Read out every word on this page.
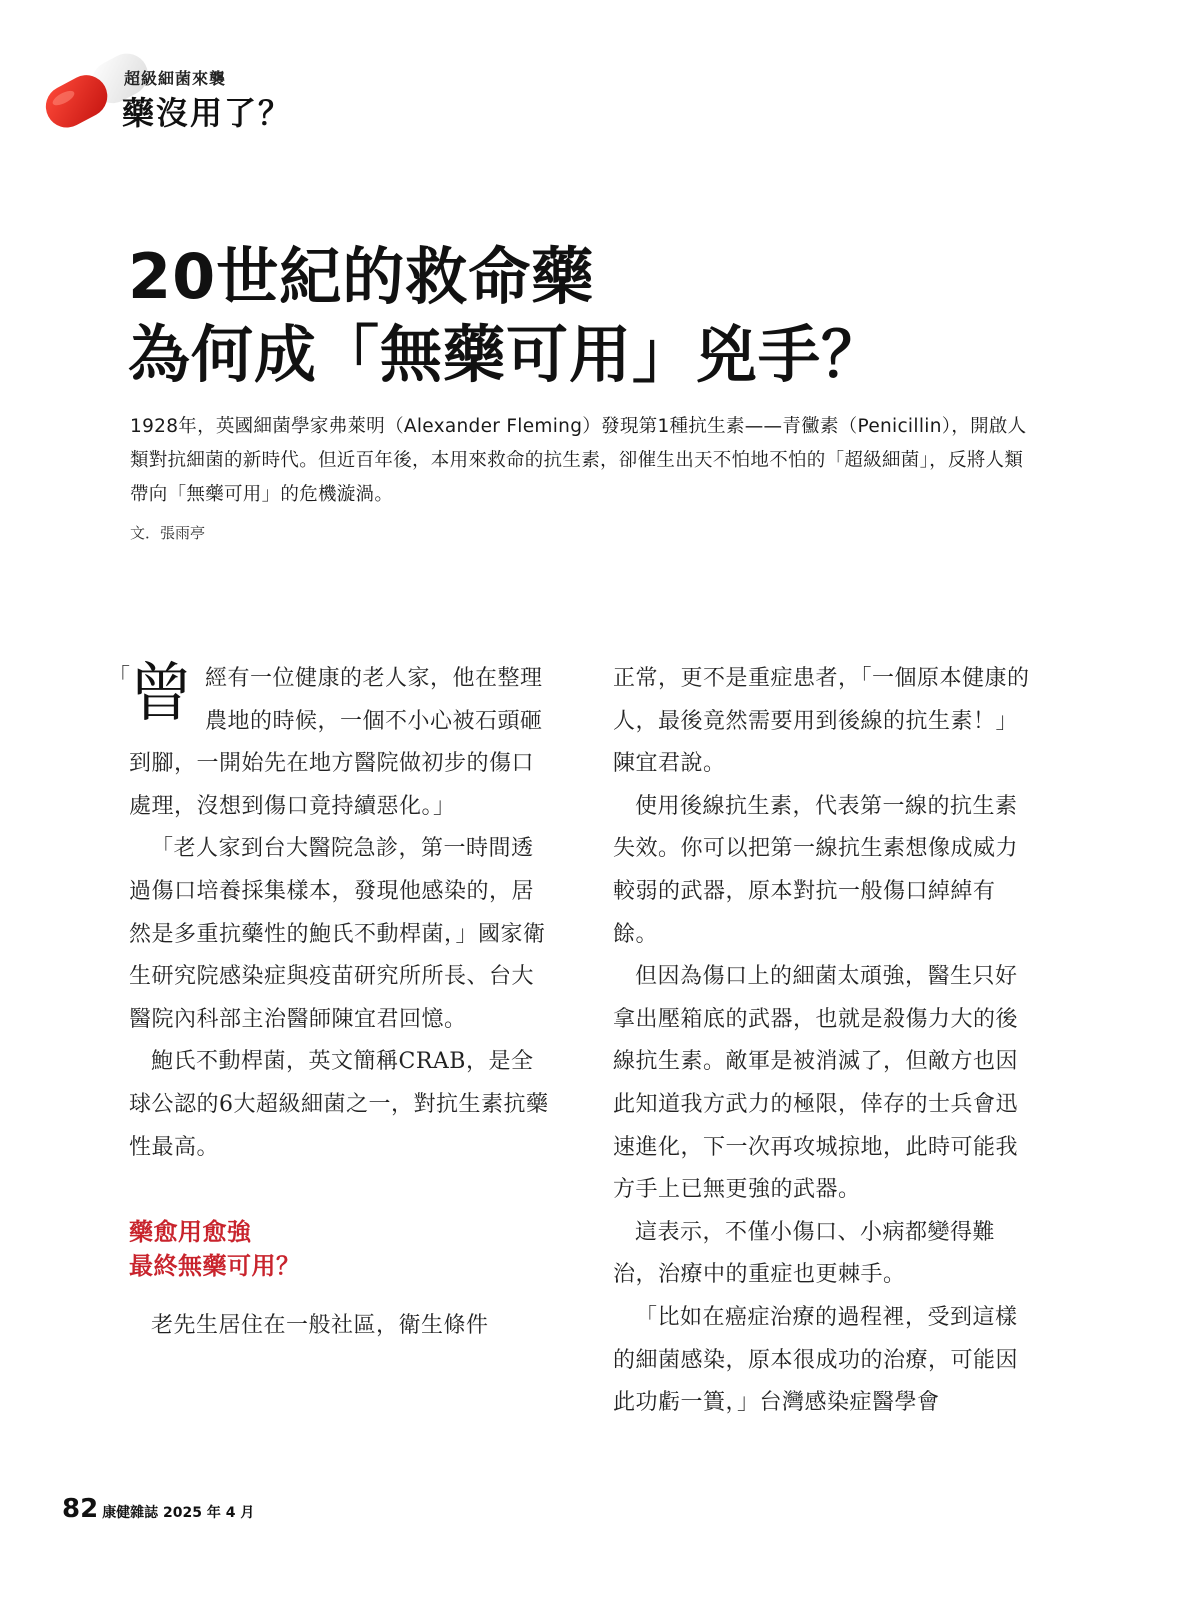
超級細菌來襲
藥沒用了？
20世紀的救命藥
為何成「無藥可用」兇手？

1928年，英國細菌學家弗萊明（Alexander Fleming）發現第1種抗生素——青黴素（Penicillin），開啟人類對抗細菌的新時代。但近百年後，本用來救命的抗生素，卻催生出天不怕地不怕的「超級細菌」，反將人類帶向「無藥可用」的危機漩渦。

文．張雨亭
「

曾經有一位健康的老人家，他在整理農地的時候，一個不小心被石頭砸到腳，一開始先在地方醫院做初步的傷口處理，沒想到傷口竟持續惡化。」

「老人家到台大醫院急診，第一時間透過傷口培養採集樣本，發現他感染的，居然是多重抗藥性的鮑氏不動桿菌，」國家衛生研究院感染症與疫苗研究所所長、台大醫院內科部主治醫師陳宜君回憶。

鮑氏不動桿菌，英文簡稱CRAB，是全球公認的6大超級細菌之一，對抗生素抗藥性最高。

藥愈用愈強
最終無藥可用？

老先生居住在一般社區，衛生條件

正常，更不是重症患者，「一個原本健康的人，最後竟然需要用到後線的抗生素！」陳宜君說。

使用後線抗生素，代表第一線的抗生素失效。你可以把第一線抗生素想像成威力較弱的武器，原本對抗一般傷口綽綽有餘。

但因為傷口上的細菌太頑強，醫生只好拿出壓箱底的武器，也就是殺傷力大的後線抗生素。敵軍是被消滅了，但敵方也因此知道我方武力的極限，倖存的士兵會迅速進化，下一次再攻城掠地，此時可能我方手上已無更強的武器。

這表示，不僅小傷口、小病都變得難治，治療中的重症也更棘手。

「比如在癌症治療的過程裡，受到這樣的細菌感染，原本很成功的治療，可能因此功虧一簣，」台灣感染症醫學會

82 康健雜誌 2025 年 4 月
